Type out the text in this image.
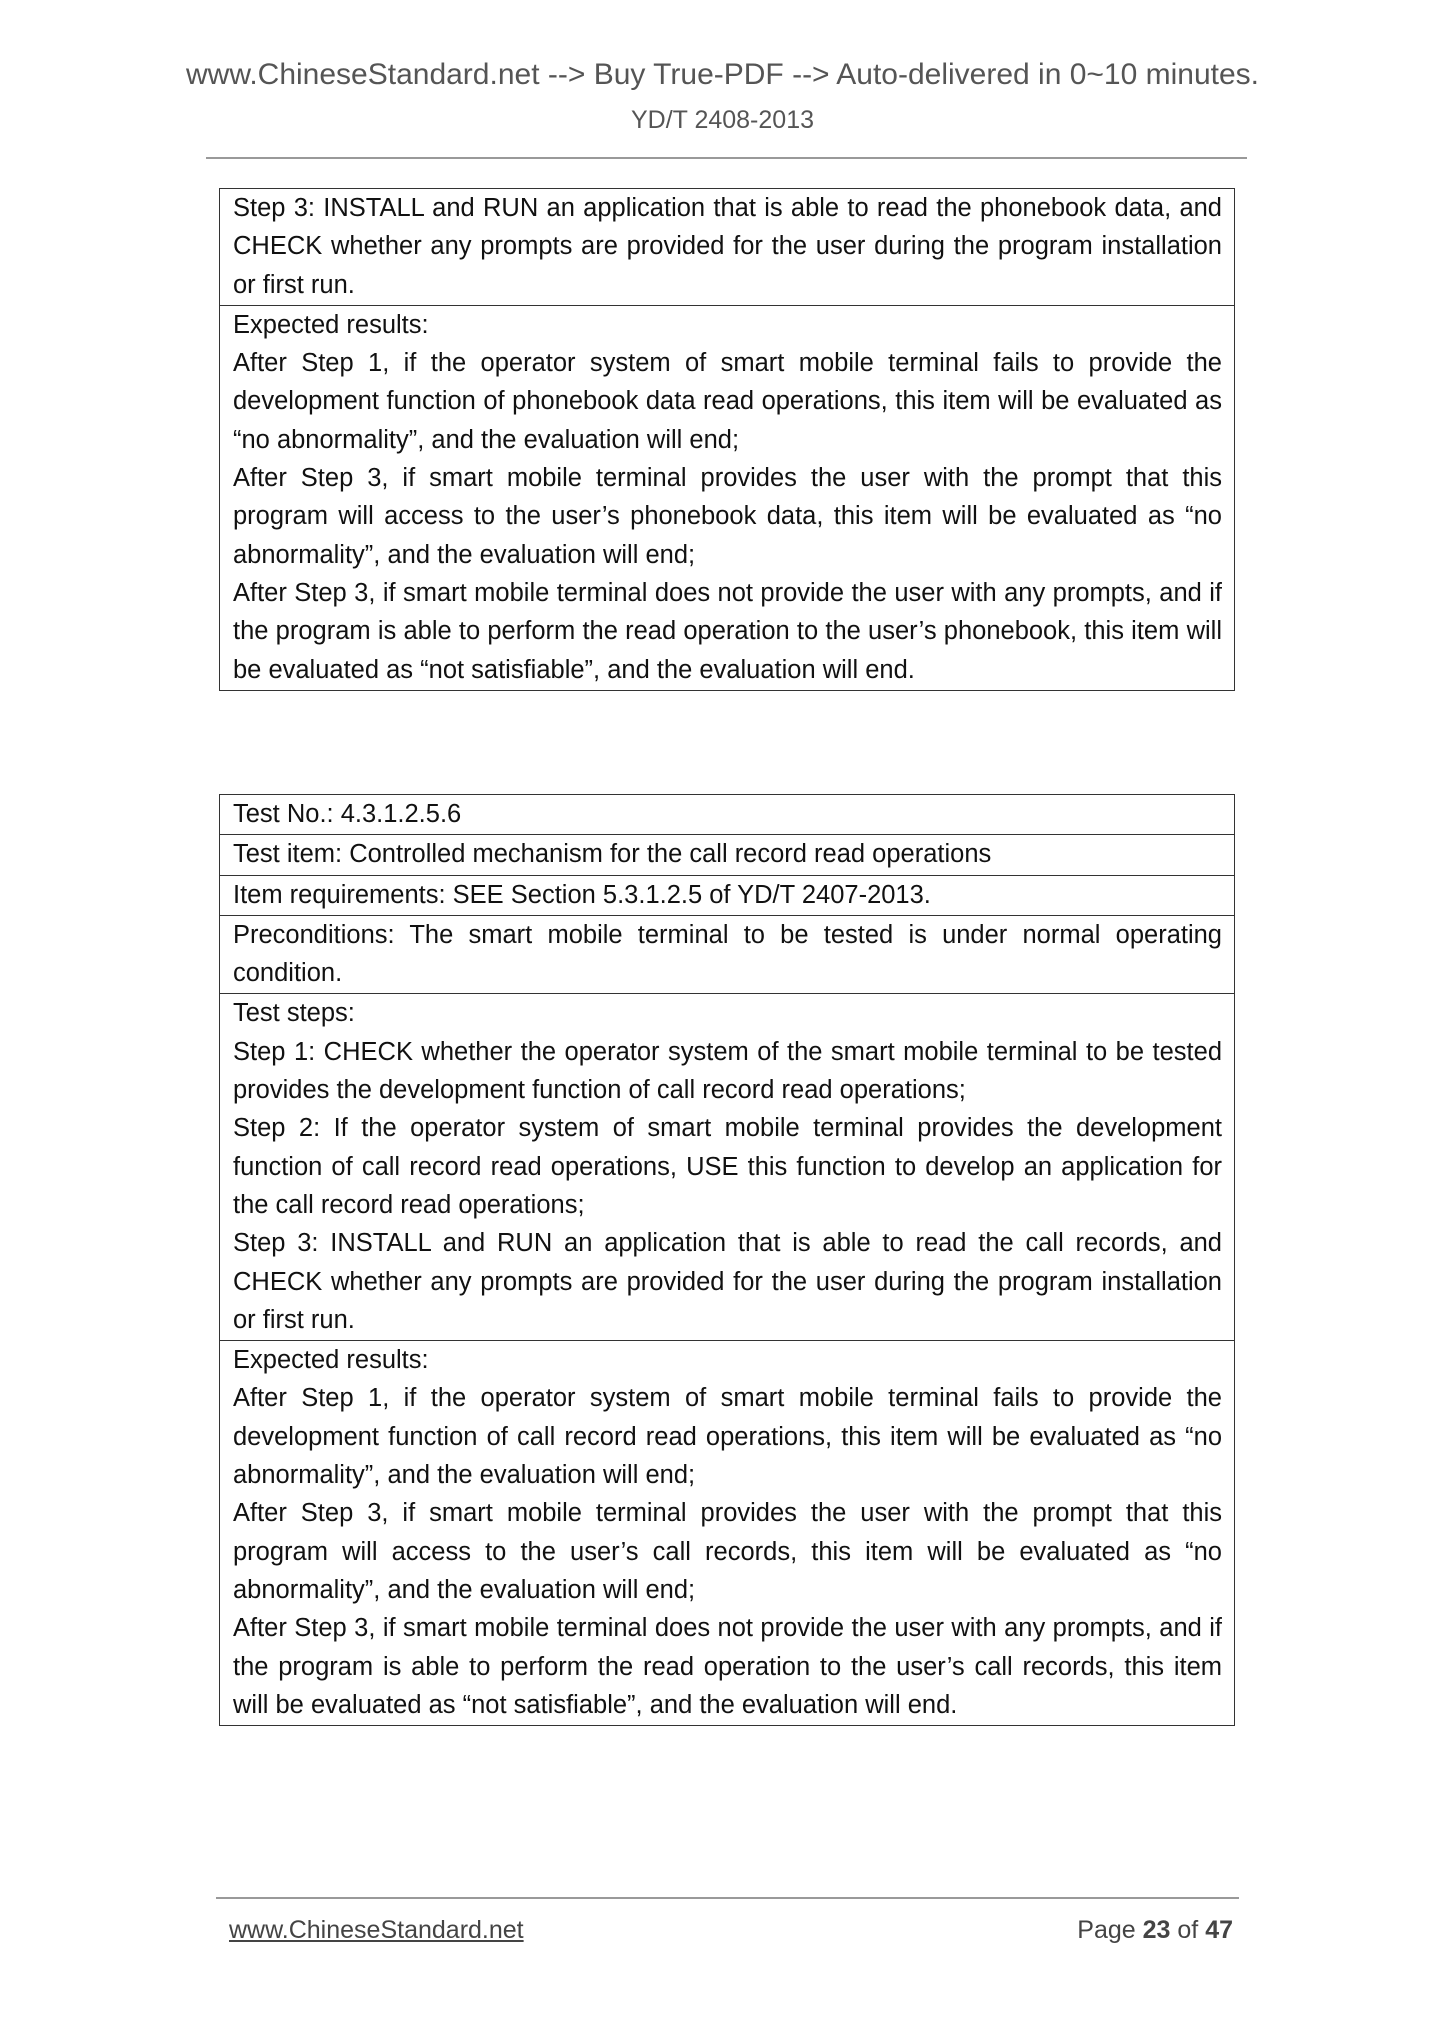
www.ChineseStandard.net --> Buy True-PDF --> Auto-delivered in 0~10 minutes.
YD/T 2408-2013
Step 3: INSTALL and RUN an application that is able to read the phonebook data, and CHECK whether any prompts are provided for the user during the program installation or first run.

Expected results:

After Step 1, if the operator system of smart mobile terminal fails to provide the development function of phonebook data read operations, this item will be evaluated as “no abnormality”, and the evaluation will end;

After Step 3, if smart mobile terminal provides the user with the prompt that this program will access to the user’s phonebook data, this item will be evaluated as “no abnormality”, and the evaluation will end;

After Step 3, if smart mobile terminal does not provide the user with any prompts, and if the program is able to perform the read operation to the user’s phonebook, this item will be evaluated as “not satisfiable”, and the evaluation will end.

Test No.: 4.3.1.2.5.6
Test item: Controlled mechanism for the call record read operations
Item requirements: SEE Section 5.3.1.2.5 of YD/T 2407-2013.
Preconditions: The smart mobile terminal to be tested is under normal operating condition.

Test steps:

Step 1: CHECK whether the operator system of the smart mobile terminal to be tested provides the development function of call record read operations;

Step 2: If the operator system of smart mobile terminal provides the development function of call record read operations, USE this function to develop an application for the call record read operations;

Step 3: INSTALL and RUN an application that is able to read the call records, and CHECK whether any prompts are provided for the user during the program installation or first run.

Expected results:

After Step 1, if the operator system of smart mobile terminal fails to provide the development function of call record read operations, this item will be evaluated as “no abnormality”, and the evaluation will end;

After Step 3, if smart mobile terminal provides the user with the prompt that this program will access to the user’s call records, this item will be evaluated as “no abnormality”, and the evaluation will end;

After Step 3, if smart mobile terminal does not provide the user with any prompts, and if the program is able to perform the read operation to the user’s call records, this item will be evaluated as “not satisfiable”, and the evaluation will end.

www.ChineseStandard.net	Page 23 of 47
